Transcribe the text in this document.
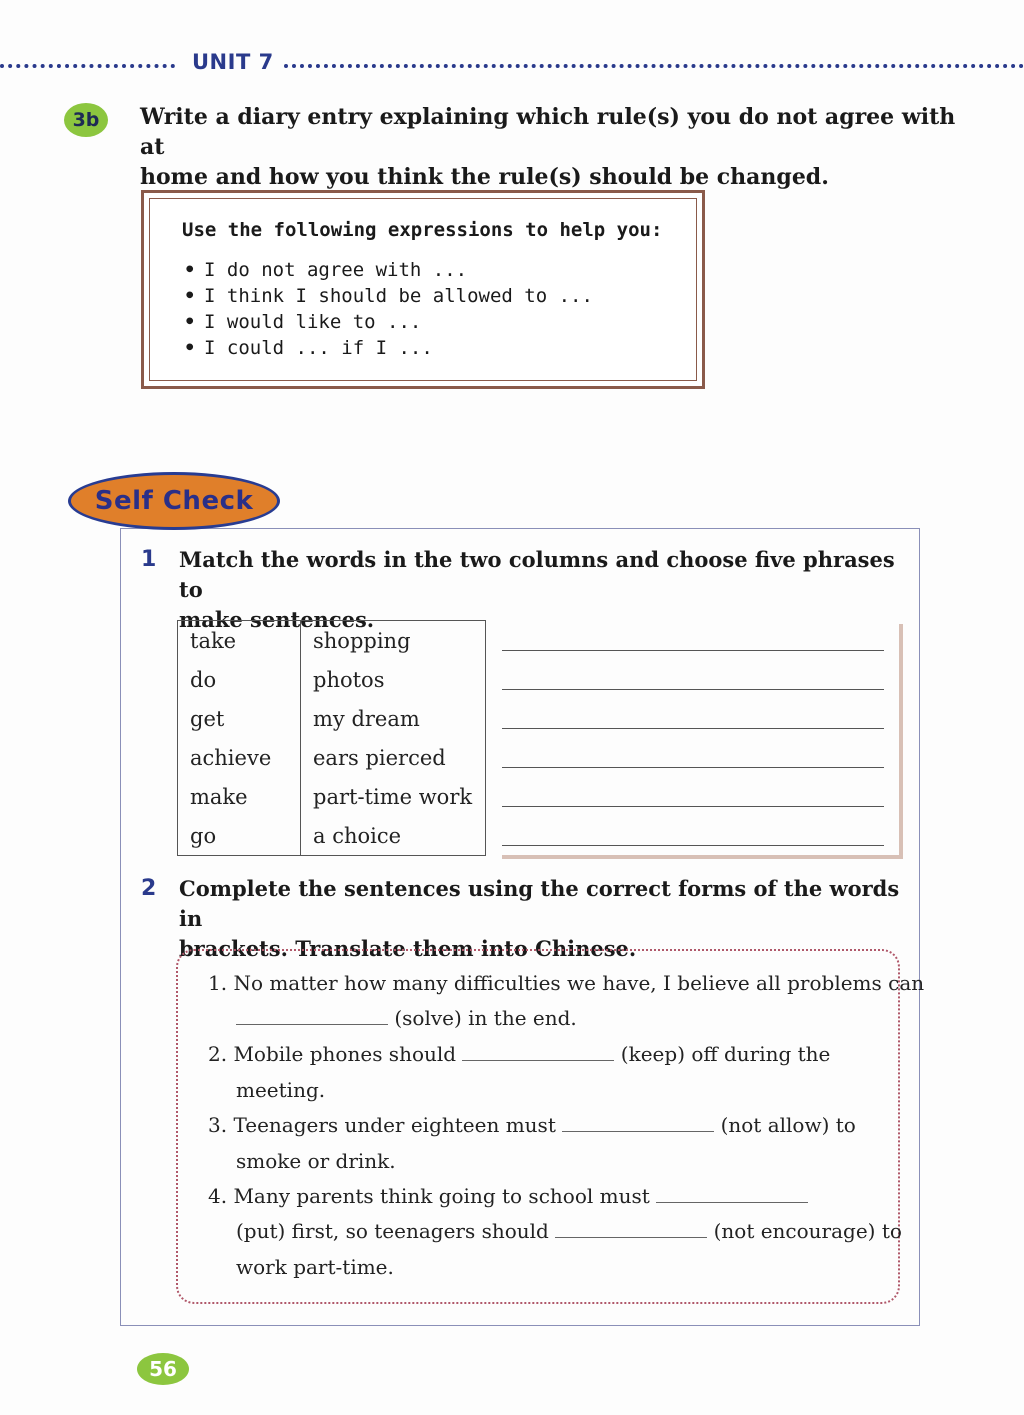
UNIT 7
3b	Write a diary entry explaining which rule(s) you do not agree with at
home and how you think the rule(s) should be changed.
Use the following expressions to help you:
• I do not agree with ...
• I think I should be allowed to ...
• I would like to ...
• I could ... if I ...
Self Check
1 Match the words in the two columns and choose five phrases to
make sentences.
take	shopping
do	photos
get	my dream
achieve	ears pierced
make	part-time work
go	a choice
2 Complete the sentences using the correct forms of the words in
brackets. Translate them into Chinese.
1. No matter how many difficulties we have, I believe all problems can
(solve) in the end.
2. Mobile phones should	(keep) off during the
meeting.
3. Teenagers under eighteen must	(not allow) to
smoke or drink.
4. Many parents think going to school must
(put) first, so teenagers should	(not encourage) to
work part-time.
56
